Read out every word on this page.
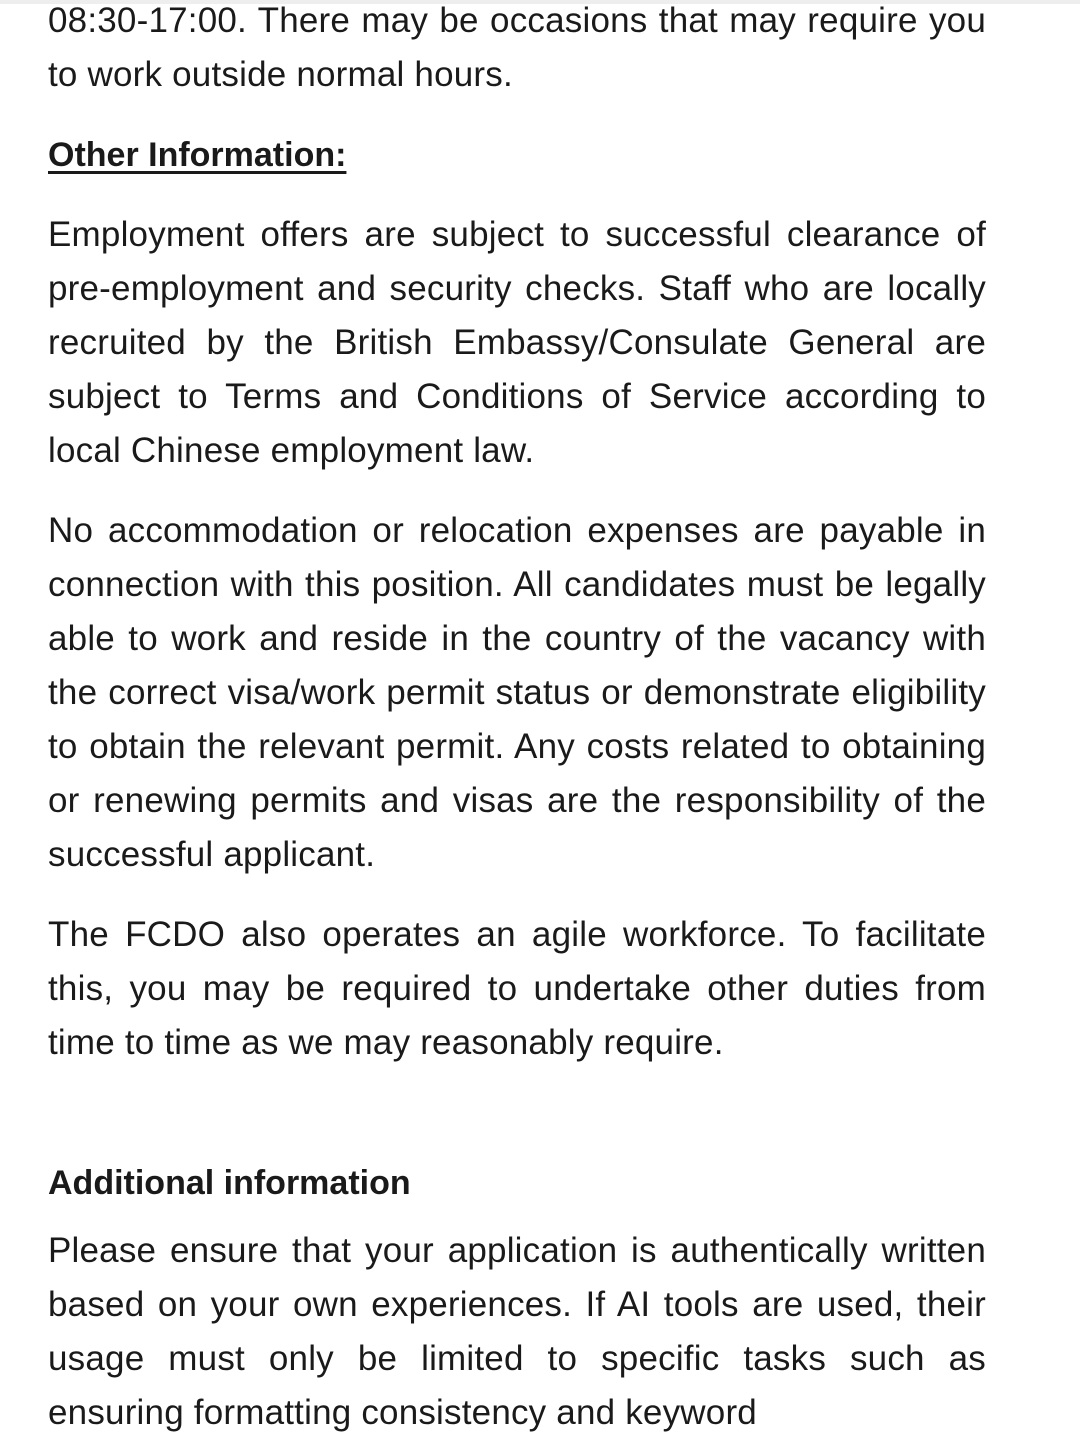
08:30-17:00. There may be occasions that may require you to work outside normal hours.

Other Information:

Employment offers are subject to successful clearance of pre-employment and security checks. Staff who are locally recruited by the British Embassy/Consulate General are subject to Terms and Conditions of Service according to local Chinese employment law.

No accommodation or relocation expenses are payable in connection with this position. All candidates must be legally able to work and reside in the country of the vacancy with the correct visa/work permit status or demonstrate eligibility to obtain the relevant permit. Any costs related to obtaining or renewing permits and visas are the responsibility of the successful applicant.

The FCDO also operates an agile workforce. To facilitate this, you may be required to undertake other duties from time to time as we may reasonably require.

Additional information

Please ensure that your application is authentically written based on your own experiences. If AI tools are used, their usage must only be limited to specific tasks such as ensuring formatting consistency and keyword
